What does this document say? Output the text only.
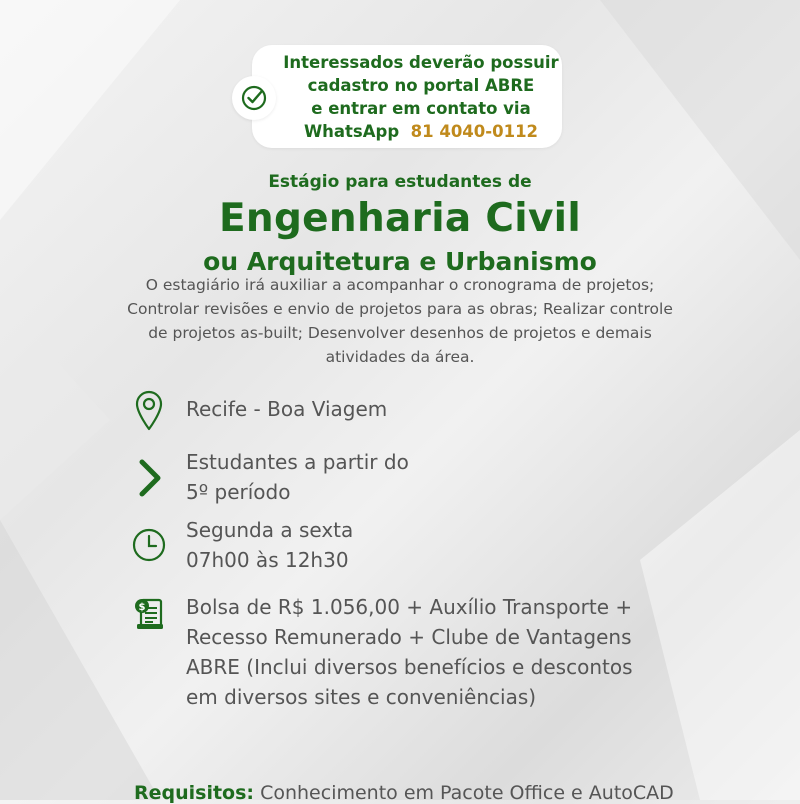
Interessados deverão possuir
cadastro no portal ABRE
e entrar em contato via
WhatsApp 81 4040-0112
Estágio para estudantes de
Engenharia Civil
ou Arquitetura e Urbanismo
O estagiário irá auxiliar a acompanhar o cronograma de projetos; Controlar revisões e envio de projetos para as obras; Realizar controle de projetos as-built; Desenvolver desenhos de projetos e demais atividades da área.
Recife - Boa Viagem
Estudantes a partir do
5º período
Segunda a sexta
07h00 às 12h30
$ Bolsa de R$ 1.056,00 + Auxílio Transporte + Recesso Remunerado + Clube de Vantagens ABRE (Inclui diversos benefícios e descontos em diversos sites e conveniências)
Requisitos: Conhecimento em Pacote Office e AutoCAD
